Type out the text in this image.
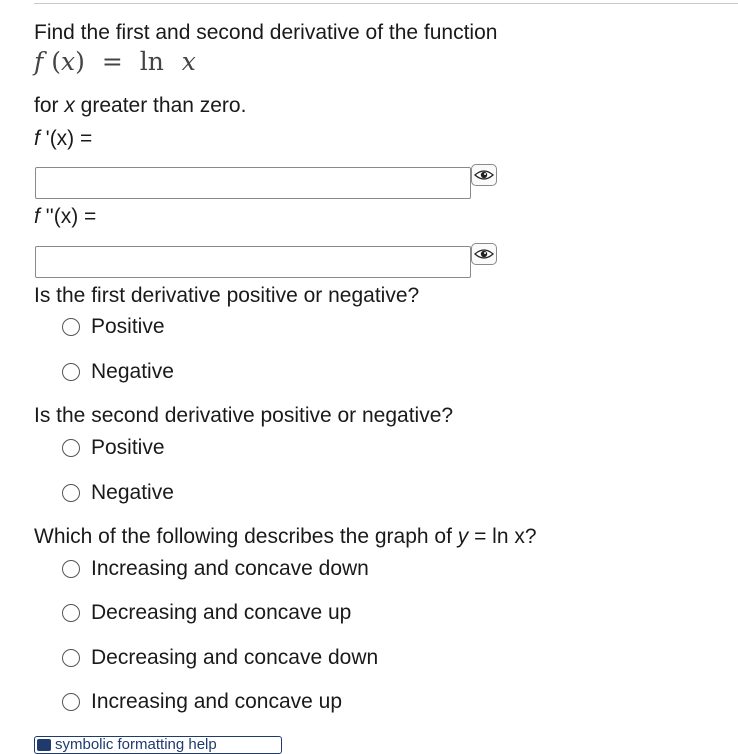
Find the first and second derivative of the function
f (x) = ln x
for x greater than zero.
f '(x) =
f ''(x) =
Is the first derivative positive or negative?
Positive
Negative
Is the second derivative positive or negative?
Positive
Negative
Which of the following describes the graph of y = ln x?
Increasing and concave down
Decreasing and concave up
Decreasing and concave down
Increasing and concave up
symbolic formatting help
